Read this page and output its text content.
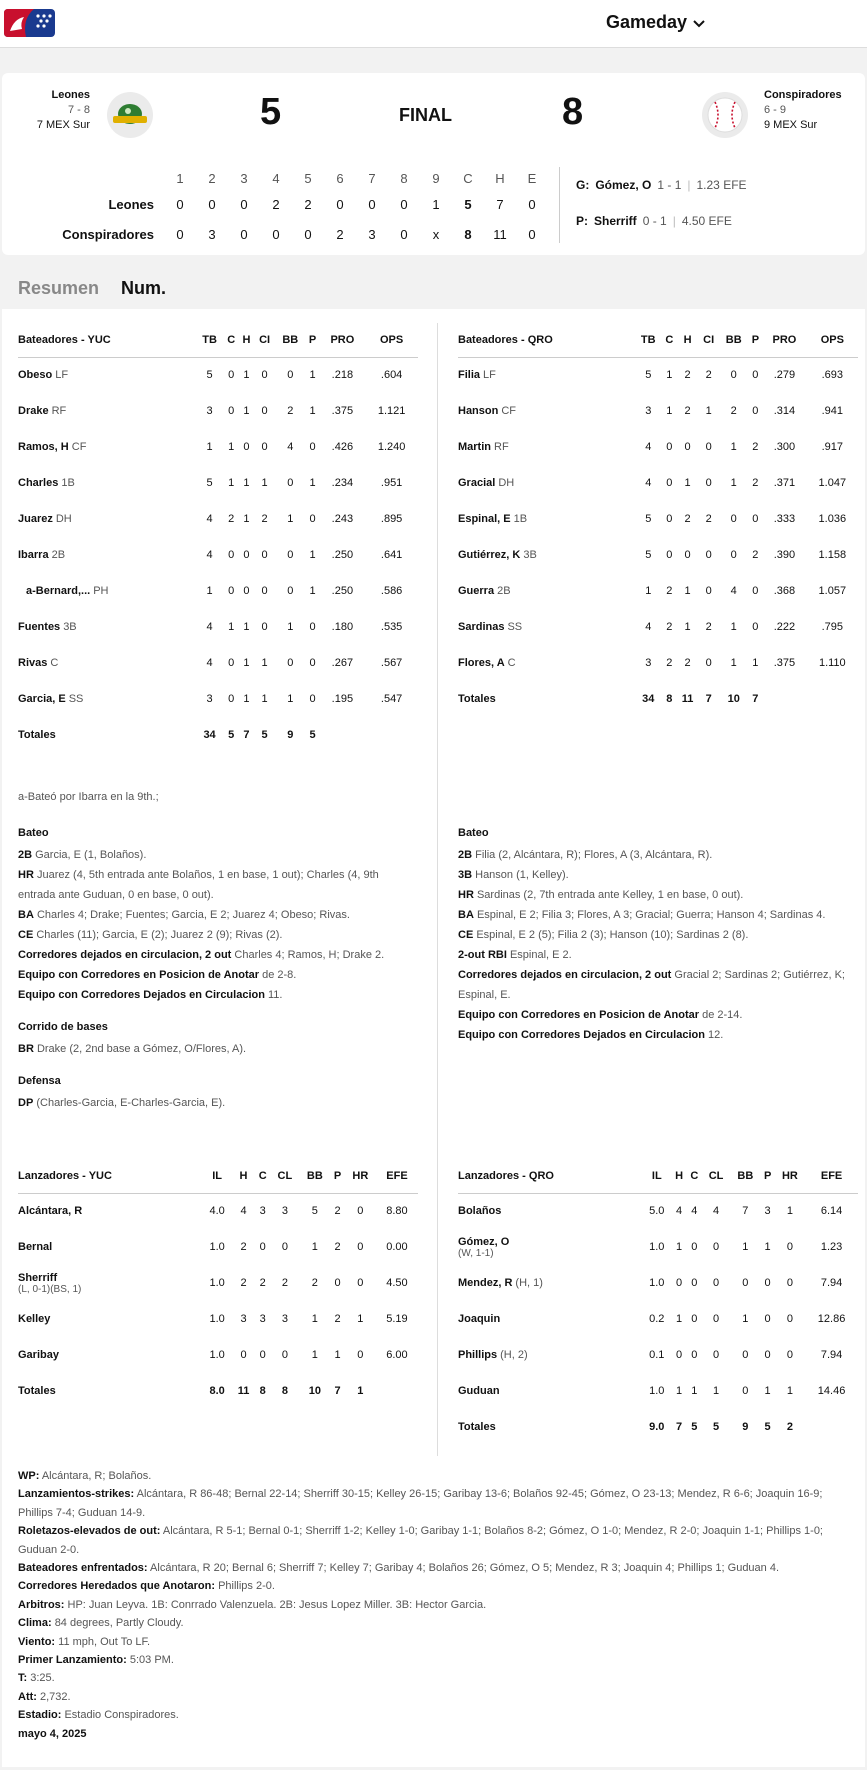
Gameday
Leones
7 - 8
7 MEX Sur	5	FINAL	8	Conspiradores
6 - 9
9 MEX Sur
	1	2	3	4	5	6	7	8	9	C	H	E
Leones	0	0	0	2	2	0	0	0	1	5	7	0
Conspiradores	0	3	0	0	0	2	3	0	x	8	11	0
G: Gómez, O 1 - 1 | 1.23 EFE
P: Sherriff 0 - 1 | 4.50 EFE
Resumen Num.
Bateadores - YUC	TB	C	H	CI	BB	P	PRO	OPS
Obeso LF	5	0	1	0	0	1	.218	.604
Drake RF	3	0	1	0	2	1	.375	1.121
Ramos, H CF	1	1	0	0	4	0	.426	1.240
Charles 1B	5	1	1	1	0	1	.234	.951
Juarez DH	4	2	1	2	1	0	.243	.895
Ibarra 2B	4	0	0	0	0	1	.250	.641
a-Bernard,... PH	1	0	0	0	0	1	.250	.586
Fuentes 3B	4	1	1	0	1	0	.180	.535
Rivas C	4	0	1	1	0	0	.267	.567
Garcia, E SS	3	0	1	1	1	0	.195	.547
Totales	34	5	7	5	9	5		
Bateadores - QRO	TB	C	H	CI	BB	P	PRO	OPS
Filia LF	5	1	2	2	0	0	.279	.693
Hanson CF	3	1	2	1	2	0	.314	.941
Martin RF	4	0	0	0	1	2	.300	.917
Gracial DH	4	0	1	0	1	2	.371	1.047
Espinal, E 1B	5	0	2	2	0	0	.333	1.036
Gutiérrez, K 3B	5	0	0	0	0	2	.390	1.158
Guerra 2B	1	2	1	0	4	0	.368	1.057
Sardinas SS	4	2	1	2	1	0	.222	.795
Flores, A C	3	2	2	0	1	1	.375	1.110
Totales	34	8	11	7	10	7		

a-Bateó por Ibarra en la 9th.;

Bateo

2B Garcia, E (1, Bolaños).

HR Juarez (4, 5th entrada ante Bolaños, 1 en base, 1 out); Charles (4, 9th entrada ante Guduan, 0 en base, 0 out).

BA Charles 4; Drake; Fuentes; Garcia, E 2; Juarez 4; Obeso; Rivas.

CE Charles (11); Garcia, E (2); Juarez 2 (9); Rivas (2).

Corredores dejados en circulacion, 2 out Charles 4; Ramos, H; Drake 2.

Equipo con Corredores en Posicion de Anotar de 2-8.

Equipo con Corredores Dejados en Circulacion 11.

Corrido de bases

BR Drake (2, 2nd base a Gómez, O/Flores, A).

Defensa

DP (Charles-Garcia, E-Charles-Garcia, E).

Bateo

2B Filia (2, Alcántara, R); Flores, A (3, Alcántara, R).

3B Hanson (1, Kelley).

HR Sardinas (2, 7th entrada ante Kelley, 1 en base, 0 out).

BA Espinal, E 2; Filia 3; Flores, A 3; Gracial; Guerra; Hanson 4; Sardinas 4.

CE Espinal, E 2 (5); Filia 2 (3); Hanson (10); Sardinas 2 (8).

2-out RBI Espinal, E 2.

Corredores dejados en circulacion, 2 out Gracial 2; Sardinas 2; Gutiérrez, K; Espinal, E.

Equipo con Corredores en Posicion de Anotar de 2-14.

Equipo con Corredores Dejados en Circulacion 12.

Lanzadores - YUC	IL	H	C	CL	BB	P	HR	EFE
Alcántara, R	4.0	4	3	3	5	2	0	8.80
Bernal	1.0	2	0	0	1	2	0	0.00
Sherriff
(L, 0-1)(BS, 1)	1.0	2	2	2	2	0	0	4.50
Kelley	1.0	3	3	3	1	2	1	5.19
Garibay	1.0	0	0	0	1	1	0	6.00
Totales	8.0	11	8	8	10	7	1	
Lanzadores - QRO	IL	H	C	CL	BB	P	HR	EFE
Bolaños	5.0	4	4	4	7	3	1	6.14
Gómez, O
(W, 1-1)	1.0	1	0	0	1	1	0	1.23
Mendez, R (H, 1)	1.0	0	0	0	0	0	0	7.94
Joaquin	0.2	1	0	0	1	0	0	12.86
Phillips (H, 2)	0.1	0	0	0	0	0	0	7.94
Guduan	1.0	1	1	1	0	1	1	14.46
Totales	9.0	7	5	5	9	5	2	

WP: Alcántara, R; Bolaños.

Lanzamientos-strikes: Alcántara, R 86-48; Bernal 22-14; Sherriff 30-15; Kelley 26-15; Garibay 13-6; Bolaños 92-45; Gómez, O 23-13; Mendez, R 6-6; Joaquin 16-9; Phillips 7-4; Guduan 14-9.

Roletazos-elevados de out: Alcántara, R 5-1; Bernal 0-1; Sherriff 1-2; Kelley 1-0; Garibay 1-1; Bolaños 8-2; Gómez, O 1-0; Mendez, R 2-0; Joaquin 1-1; Phillips 1-0; Guduan 2-0.

Bateadores enfrentados: Alcántara, R 20; Bernal 6; Sherriff 7; Kelley 7; Garibay 4; Bolaños 26; Gómez, O 5; Mendez, R 3; Joaquin 4; Phillips 1; Guduan 4.

Corredores Heredados que Anotaron: Phillips 2-0.

Arbitros: HP: Juan Leyva. 1B: Conrrado Valenzuela. 2B: Jesus Lopez Miller. 3B: Hector Garcia.

Clima: 84 degrees, Partly Cloudy.

Viento: 11 mph, Out To LF.

Primer Lanzamiento: 5:03 PM.

T: 3:25.

Att: 2,732.

Estadio: Estadio Conspiradores.

mayo 4, 2025
